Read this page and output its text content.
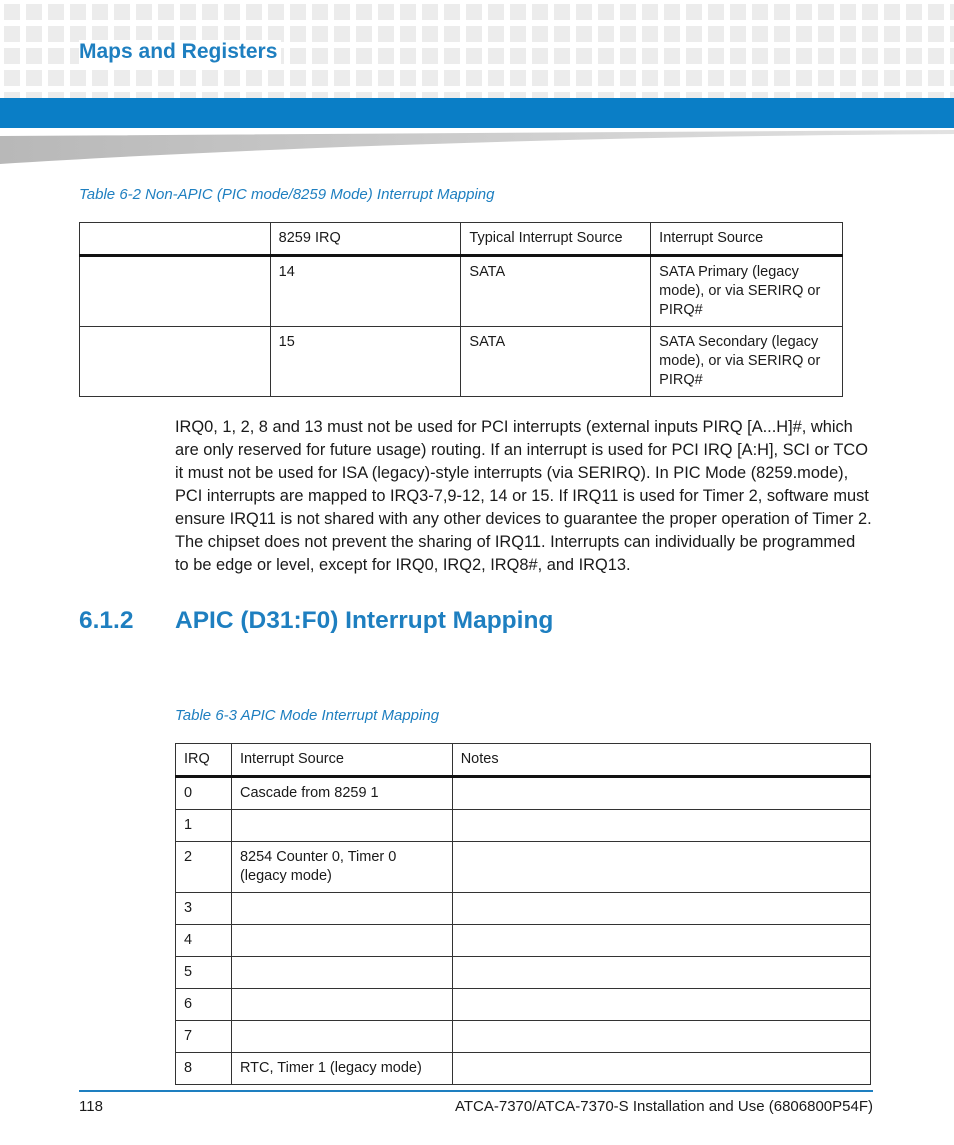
Maps and Registers
Table 6-2 Non-APIC (PIC mode/8259 Mode) Interrupt Mapping
	8259 IRQ	Typical Interrupt Source	Interrupt Source
	14	SATA	SATA Primary (legacy mode), or via SERIRQ or PIRQ#
	15	SATA	SATA Secondary (legacy mode), or via SERIRQ or PIRQ#
IRQ0, 1, 2, 8 and 13 must not be used for PCI interrupts (external inputs PIRQ [A...H]#, which are only reserved for future usage) routing. If an interrupt is used for PCI IRQ [A:H], SCI or TCO it must not be used for ISA (legacy)-style interrupts (via SERIRQ). In PIC Mode (8259.mode), PCI interrupts are mapped to IRQ3-7,9-12, 14 or 15. If IRQ11 is used for Timer 2, software must ensure IRQ11 is not shared with any other devices to guarantee the proper operation of Timer 2. The chipset does not prevent the sharing of IRQ11. Interrupts can individually be programmed to be edge or level, except for IRQ0, IRQ2, IRQ8#, and IRQ13.
6.1.2 APIC (D31:F0) Interrupt Mapping
Table 6-3 APIC Mode Interrupt Mapping
IRQ	Interrupt Source	Notes
0	Cascade from 8259 1	
1		
2	8254 Counter 0, Timer 0 (legacy mode)	
3		
4		
5		
6		
7		
8	RTC, Timer 1 (legacy mode)	
118	ATCA-7370/ATCA-7370-S Installation and Use (6806800P54F)
